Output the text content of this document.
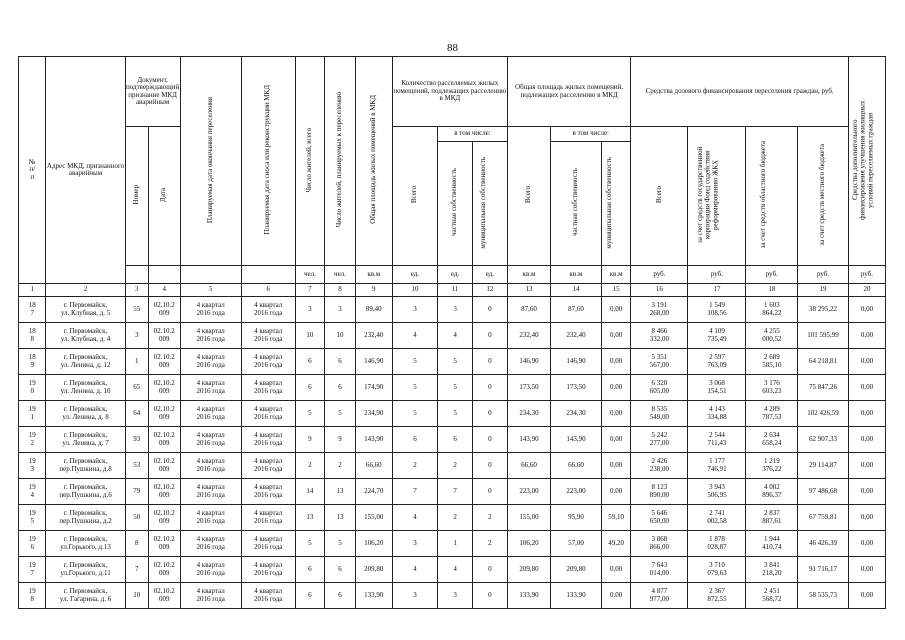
88
№
п/
п	Адрес МКД, признанного аварийным	Документ, подтверждающий признание МКД аварийным		Планируемая дата окончания переселения	Планируемая дата сноса или реконструкции МКД	Число жителей, всего	Число жителей, планируемых к переселению	Общая площадь жилых помещений в МКД	Количество расселяемых жилых помещений, подлежащих расселению в МКД			Общая площадь жилых помещений, подлежащих расселению в МКД			Средства долевого финансирования переселения граждан, руб.				Средства дополнительного финансирования улучшения жилищных условий переселяемых граждан
		Номер	Дата						Всего	в том числе:		Всего	в том числе:		Всего	за счет средств государственной корпорации Фонд содействия реформированию ЖКХ	за счет средств областного бюджета	за счет средств местного бюджета	
										частная собственность	муниципальная собственность		частная собственность	муниципальная собственность					
						чел.	чел.	кв.м	ед.	ед.	ед.	кв.м	кв.м	кв.м	руб.	руб.	руб.	руб.	руб.
1	2	3	4	5	6	7	8	9	10	11	12	13	14	15	16	17	18	19	20
18
7	г. Первомайск,
ул. Клубная, д. 5	55	02.10.2
009	4 квартал
2016 года	4 квартал
2016 года	3	3	89,40	3	3	0	87,60	87,60	0,00	3 191
268,00	1 549
108,56	1 603
864,22	38 295,22	0,00
18
8	г. Первомайск,
ул. Клубная, д. 4	3	02.10.2
009	4 квартал
2016 года	4 квартал
2016 года	10	10	232,40	4	4	0	232,40	232,40	0,00	8 466
332,00	4 109
735,49	4 255
000,52	101 595,99	0,00
18
9	г. Первомайск,
ул. Ленина, д. 12	1	02.10.2
009	4 квартал
2016 года	4 квартал
2016 года	6	6	146,90	5	5	0	146,90	146,90	0,00	5 351
567,00	2 597
763,09	2 689
585,10	64 218,81	0,00
19
0	г. Первомайск,
ул. Ленина, д. 10	65	02.10.2
009	4 квартал
2016 года	4 квартал
2016 года	6	6	174,90	5	5	0	173,50	173,50	0,00	6 320
605,00	3 068
154,51	3 176
603,23	75 847,26	0,00
19
1	г. Первомайск,
ул. Ленина, д. 8	64	02.10.2
009	4 квартал
2016 года	4 квартал
2016 года	5	5	234,90	5	5	0	234,30	234,30	0,00	8 535
549,00	4 143
334,88	4 289
787,53	102 426,59	0,00
19
2	г. Первомайск,
ул. Ленина, д. 7	93	02.10.2
009	4 квартал
2016 года	4 квартал
2016 года	9	9	143,90	6	6	0	143,90	143,90	0,00	5 242
277,00	2 544
711,43	2 634
658,24	62 907,33	0,00
19
3	г. Первомайск,
пер.Пушкина, д.8	53	02.10.2
009	4 квартал
2016 года	4 квартал
2016 года	2	2	66,60	2	2	0	66,60	66,60	0,00	2 426
238,00	1 177
746,91	1 219
376,22	29 114,87	0,00
19
4	г. Первомайск,
пер.Пушкина, д.6	79	02.10.2
009	4 квартал
2016 года	4 квартал
2016 года	14	13	224,70	7	7	0	223,00	223,00	0,00	8 123
890,00	3 943
506,95	4 082
896,37	97 486,68	0,00
19
5	г. Первомайск,
пер.Пушкина, д.2	50	02.10.2
009	4 квартал
2016 года	4 квартал
2016 года	13	13	155,00	4	2	2	155,00	95,90	59,10	5 646
650,00	2 741
002,58	2 837
887,61	67 759,81	0,00
19
6	г. Первомайск,
ул.Горького, д.13	8	02.10.2
009	4 квартал
2016 года	4 квартал
2016 года	5	5	106,20	3	1	2	106,20	57,00	49,20	3 868
866,00	1 878
028,87	1 944
410,74	46 426,39	0,00
19
7	г. Первомайск,
ул.Горького, д.11	7	02.10.2
009	4 квартал
2016 года	4 квартал
2016 года	6	6	209,80	4	4	0	209,80	209,80	0,00	7 643
014,00	3 710
079,63	3 841
218,20	91 716,17	0,00
19
8	г. Первомайск,
ул. Гагарина, д. 6	10	02.10.2
009	4 квартал
2016 года	4 квартал
2016 года	6	6	133,90	3	3	0	133,90	133,90	0,00	4 877
977,00	2 367
872,55	2 451
568,72	58 535,73	0,00
